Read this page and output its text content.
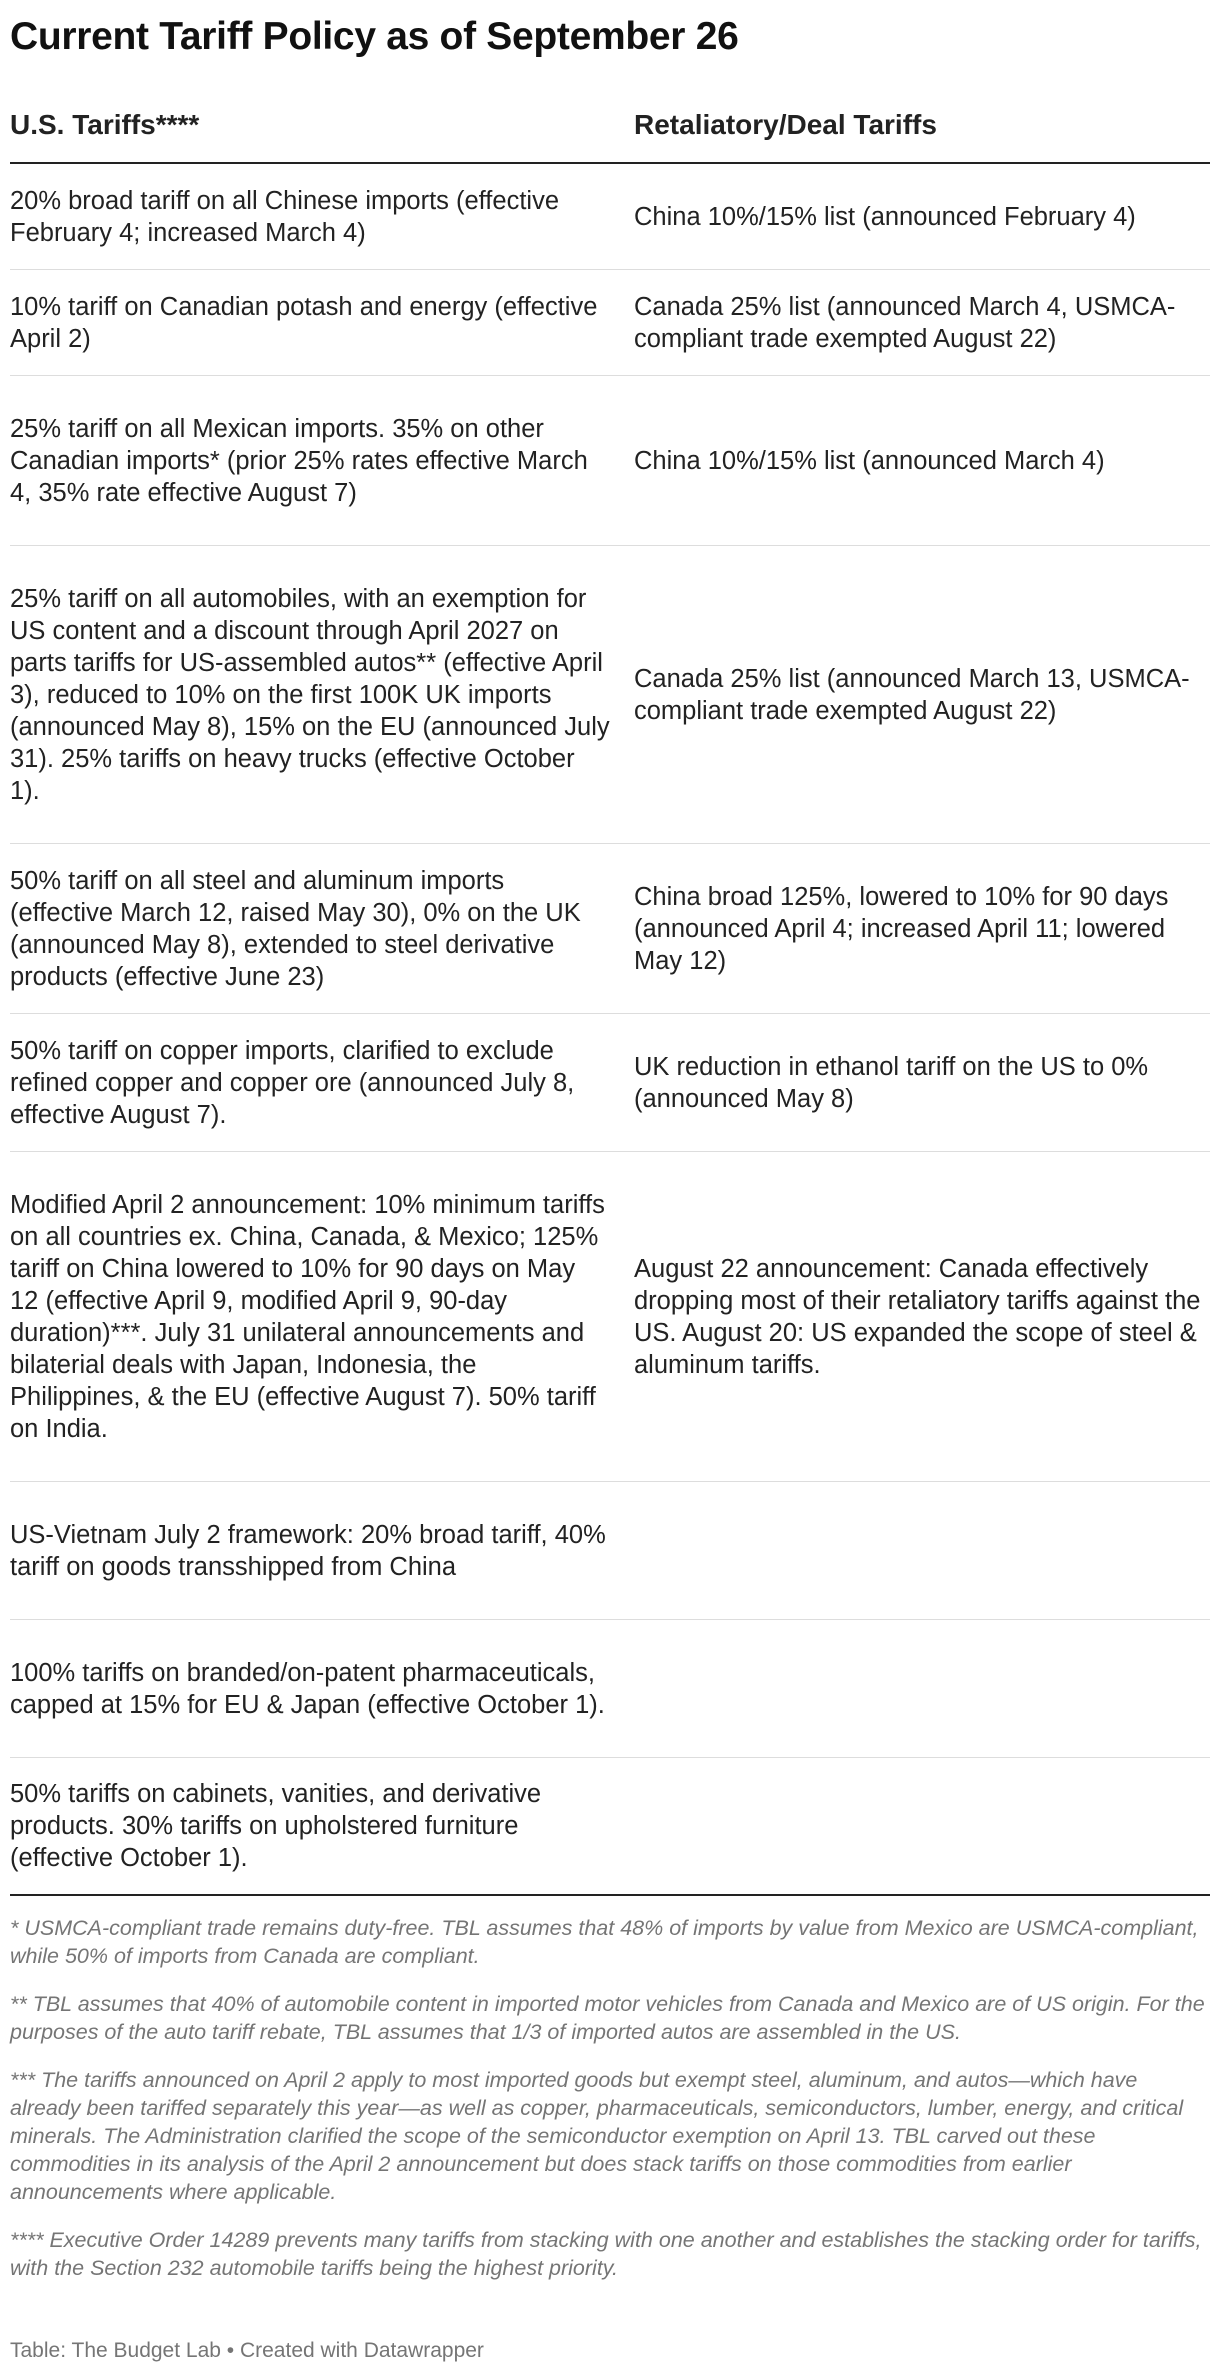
Current Tariff Policy as of September 26
U.S. Tariffs****	Retaliatory/Deal Tariffs
20% broad tariff on all Chinese imports (effective February 4; increased March 4)
China 10%/15% list (announced February 4)
10% tariff on Canadian potash and energy (effective April 2)
Canada 25% list (announced March 4, USMCA-compliant trade exempted August 22)
25% tariff on all Mexican imports. 35% on other Canadian imports* (prior 25% rates effective March 4, 35% rate effective August 7)
China 10%/15% list (announced March 4)
25% tariff on all automobiles, with an exemption for US content and a discount through April 2027 on parts tariffs for US-assembled autos** (effective April 3), reduced to 10% on the first 100K UK imports (announced May 8), 15% on the EU (announced July 31). 25% tariffs on heavy trucks (effective October 1).
Canada 25% list (announced March 13, USMCA-compliant trade exempted August 22)
50% tariff on all steel and aluminum imports (effective March 12, raised May 30), 0% on the UK (announced May 8), extended to steel derivative products (effective June 23)
China broad 125%, lowered to 10% for 90 days (announced April 4; increased April 11; lowered May 12)
50% tariff on copper imports, clarified to exclude refined copper and copper ore (announced July 8, effective August 7).
UK reduction in ethanol tariff on the US to 0% (announced May 8)
Modified April 2 announcement: 10% minimum tariffs on all countries ex. China, Canada, & Mexico; 125% tariff on China lowered to 10% for 90 days on May 12 (effective April 9, modified April 9, 90-day duration)***. July 31 unilateral announcements and bilaterial deals with Japan, Indonesia, the Philippines, & the EU (effective August 7). 50% tariff on India.
August 22 announcement: Canada effectively dropping most of their retaliatory tariffs against the US. August 20: US expanded the scope of steel & aluminum tariffs.
US-Vietnam July 2 framework: 20% broad tariff, 40% tariff on goods transshipped from China
100% tariffs on branded/on-patent pharmaceuticals, capped at 15% for EU & Japan (effective October 1).
50% tariffs on cabinets, vanities, and derivative products. 30% tariffs on upholstered furniture (effective October 1).

* USMCA-compliant trade remains duty-free. TBL assumes that 48% of imports by value from Mexico are USMCA-compliant, while 50% of imports from Canada are compliant.

** TBL assumes that 40% of automobile content in imported motor vehicles from Canada and Mexico are of US origin. For the purposes of the auto tariff rebate, TBL assumes that 1/3 of imported autos are assembled in the US.

*** The tariffs announced on April 2 apply to most imported goods but exempt steel, aluminum, and autos—which have already been tariffed separately this year—as well as copper, pharmaceuticals, semiconductors, lumber, energy, and critical minerals. The Administration clarified the scope of the semiconductor exemption on April 13. TBL carved out these commodities in its analysis of the April 2 announcement but does stack tariffs on those commodities from earlier announcements where applicable.

**** Executive Order 14289 prevents many tariffs from stacking with one another and establishes the stacking order for tariffs, with the Section 232 automobile tariffs being the highest priority.

Table: The Budget Lab • Created with Datawrapper
